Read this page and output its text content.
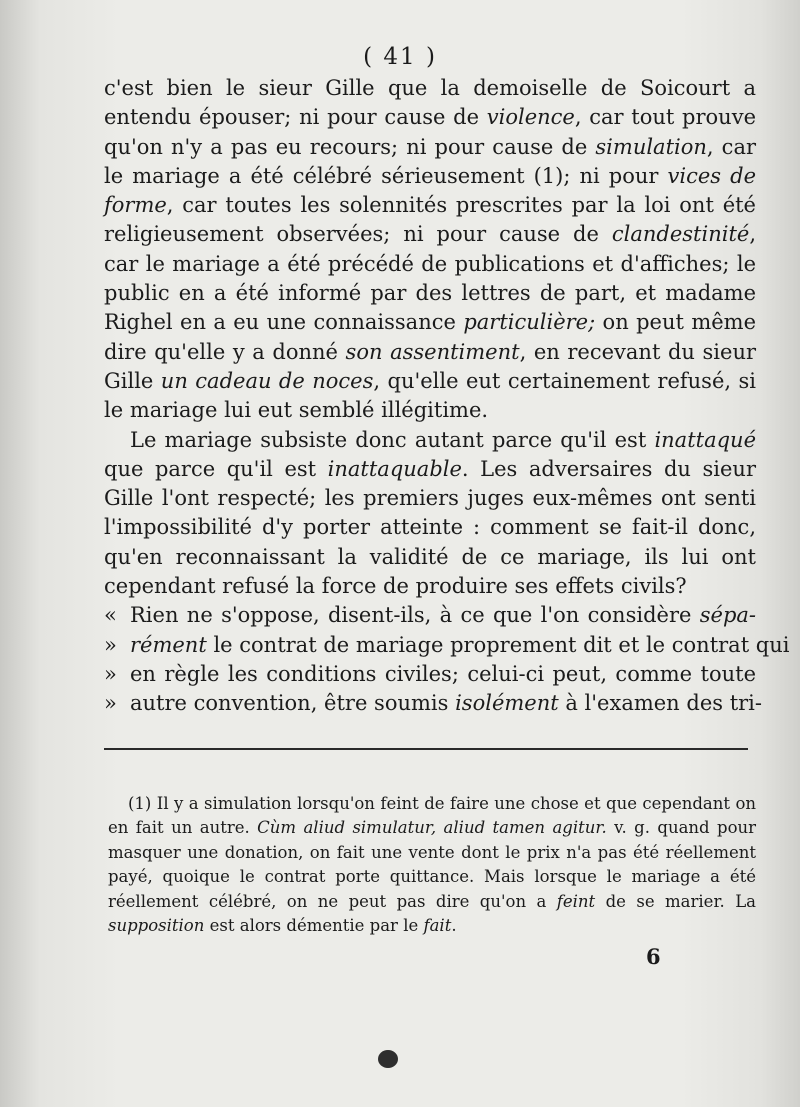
( 41 )

c'est bien le sieur Gille que la demoiselle de Soicourt a entendu épouser; ni pour cause de violence, car tout prouve qu'on n'y a pas eu recours; ni pour cause de simulation, car le mariage a été célébré sérieusement (1); ni pour vices de forme, car toutes les solennités prescrites par la loi ont été religieusement observées; ni pour cause de clandestinité, car le mariage a été précédé de publications et d'affiches; le public en a été informé par des lettres de part, et madame Righel en a eu une connaissance particulière; on peut même dire qu'elle y a donné son assentiment, en recevant du sieur Gille un cadeau de noces, qu'elle eut certainement refusé, si le mariage lui eut semblé illégitime.

Le mariage subsiste donc autant parce qu'il est inattaqué que parce qu'il est inattaquable. Les adversaires du sieur Gille l'ont respecté; les premiers juges eux-mêmes ont senti l'impossibilité d'y porter atteinte : comment se fait-il donc, qu'en reconnaissant la validité de ce mariage, ils lui ont cependant refusé la force de produire ses effets civils?

« Rien ne s'oppose, disent-ils, à ce que l'on considère sépa-
» rément le contrat de mariage proprement dit et le contrat qui
» en règle les conditions civiles; celui-ci peut, comme toute
» autre convention, être soumis isolément à l'examen des tri-

(1) Il y a simulation lorsqu'on feint de faire une chose et que cependant on en fait un autre. Cùm aliud simulatur, aliud tamen agitur. v. g. quand pour masquer une donation, on fait une vente dont le prix n'a pas été réellement payé, quoique le contrat porte quittance. Mais lorsque le mariage a été réellement célébré, on ne peut pas dire qu'on a feint de se marier. La supposition est alors démentie par le fait.

6
